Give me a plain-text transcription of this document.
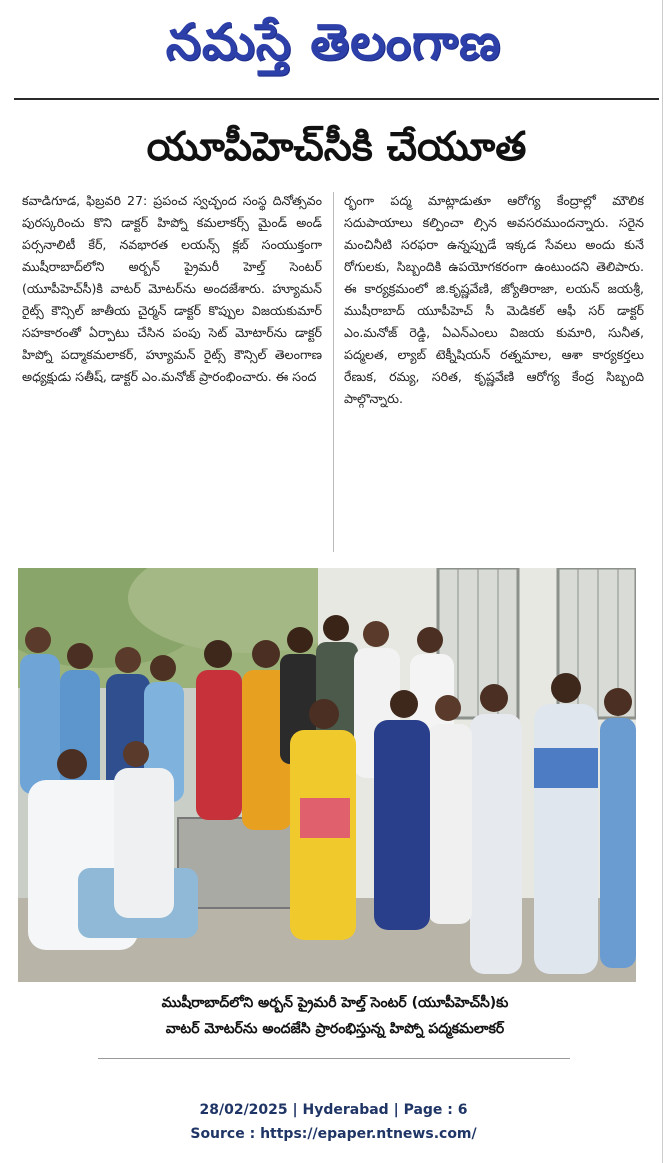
నమస్తే తెలంగాణ
యూపీహెచ్‌సీకి చేయూత
కవాడిగూడ, ఫిబ్రవరి 27: ప్రపంచ స్వచ్ఛంద సంస్థ దినోత్సవం పురస్కరించు కొని డాక్టర్ హిప్నో కమలాకర్స్ మైండ్ అండ్ పర్సనాలిటీ కేర్, నవభారత లయన్స్ క్లబ్ సంయుక్తంగా ముషీరాబాద్‌లోని అర్బన్ ప్రైమరీ హెల్త్ సెంటర్ (యూపీహెచ్‌సీ)కి వాటర్ మోటర్‌ను అందజేశారు. హ్యూమన్ రైట్స్ కౌన్సిల్ జాతీయ చైర్మన్ డాక్టర్ కొప్పుల విజయకుమార్ సహకారంతో ఏర్పాటు చేసిన పంపు సెట్ మోటార్‌ను డాక్టర్ హిప్నో పద్మాకమలాకర్, హ్యూమన్ రైట్స్ కౌన్సిల్ తెలంగాణ అధ్యక్షుడు సతీష్, డాక్టర్ ఎం.మనోజ్ ప్రారంభించారు. ఈ సంద
ర్భంగా పద్మ మాట్లాడుతూ ఆరోగ్య కేంద్రాల్లో మౌలిక సదుపాయాలు కల్పించా ల్సిన అవసరముందన్నారు. సరైన మంచినీటి సరఫరా ఉన్నప్పుడే ఇక్కడ సేవలు అందు కునే రోగులకు, సిబ్బందికి ఉపయోగకరంగా ఉంటుందని తెలిపారు. ఈ కార్యక్రమంలో జి.కృష్ణవేణి, జ్యోతిరాజా, లయన్ జయశ్రీ, ముషీరాబాద్ యూపీహెచ్ సీ మెడికల్ ఆఫీ సర్ డాక్టర్ ఎం.మనోజ్ రెడ్డి, ఏఎన్ఎంలు విజయ కుమారి, సునీత, పద్మలత, ల్యాబ్ టెక్నీషియన్ రత్నమాల, ఆశా కార్యకర్తలు రేణుక, రమ్య, సరిత, కృష్ణవేణి ఆరోగ్య కేంద్ర సిబ్బంది పాల్గొన్నారు.
ముషీరాబాద్‌లోని అర్బన్ ప్రైమరీ హెల్త్ సెంటర్ (యూపీహెచ్‌సీ)కు
వాటర్ మోటర్‌ను అందజేసి ప్రారంభిస్తున్న హిప్నో పద్మకమలాకర్
28/02/2025 | Hyderabad | Page : 6
Source : https://epaper.ntnews.com/
